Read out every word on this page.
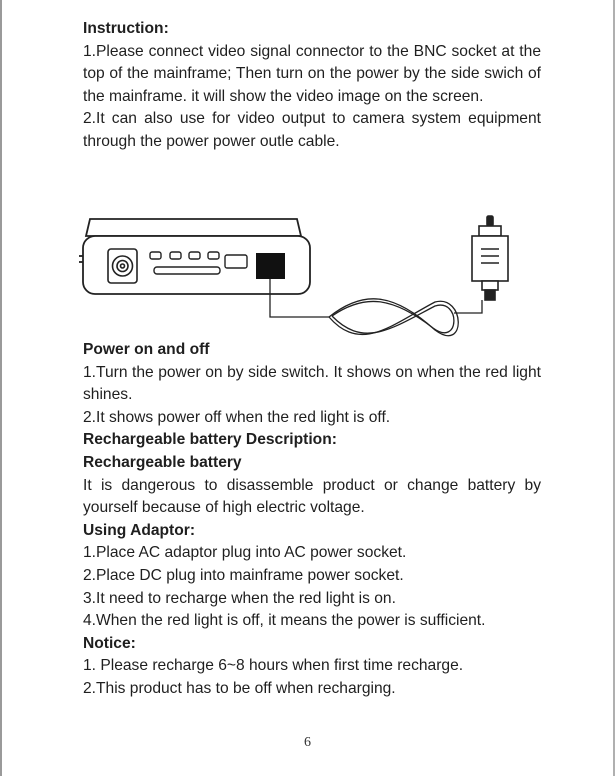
Instruction:

1.Please connect video signal connector to the BNC socket at the top of the mainframe; Then turn on the power by the side swich of the mainframe. it will show the video image on the screen.

2.It can also use for video output to camera system equipment through the power power outle cable.

Power on and off

1.Turn the power on by side switch. It shows on when the red light shines.

2.It shows power off when the red light is off.

Rechargeable battery Description:

Rechargeable battery

It is dangerous to disassemble product or change battery by yourself because of high electric voltage.

Using Adaptor:

1.Place AC adaptor plug into AC power socket.

2.Place DC plug into mainframe power socket.

3.It need to recharge when the red light is on.

4.When the red light is off, it means the power is sufficient.

Notice:

1. Please recharge 6~8 hours when first time recharge.

2.This product has to be off when recharging.

6
